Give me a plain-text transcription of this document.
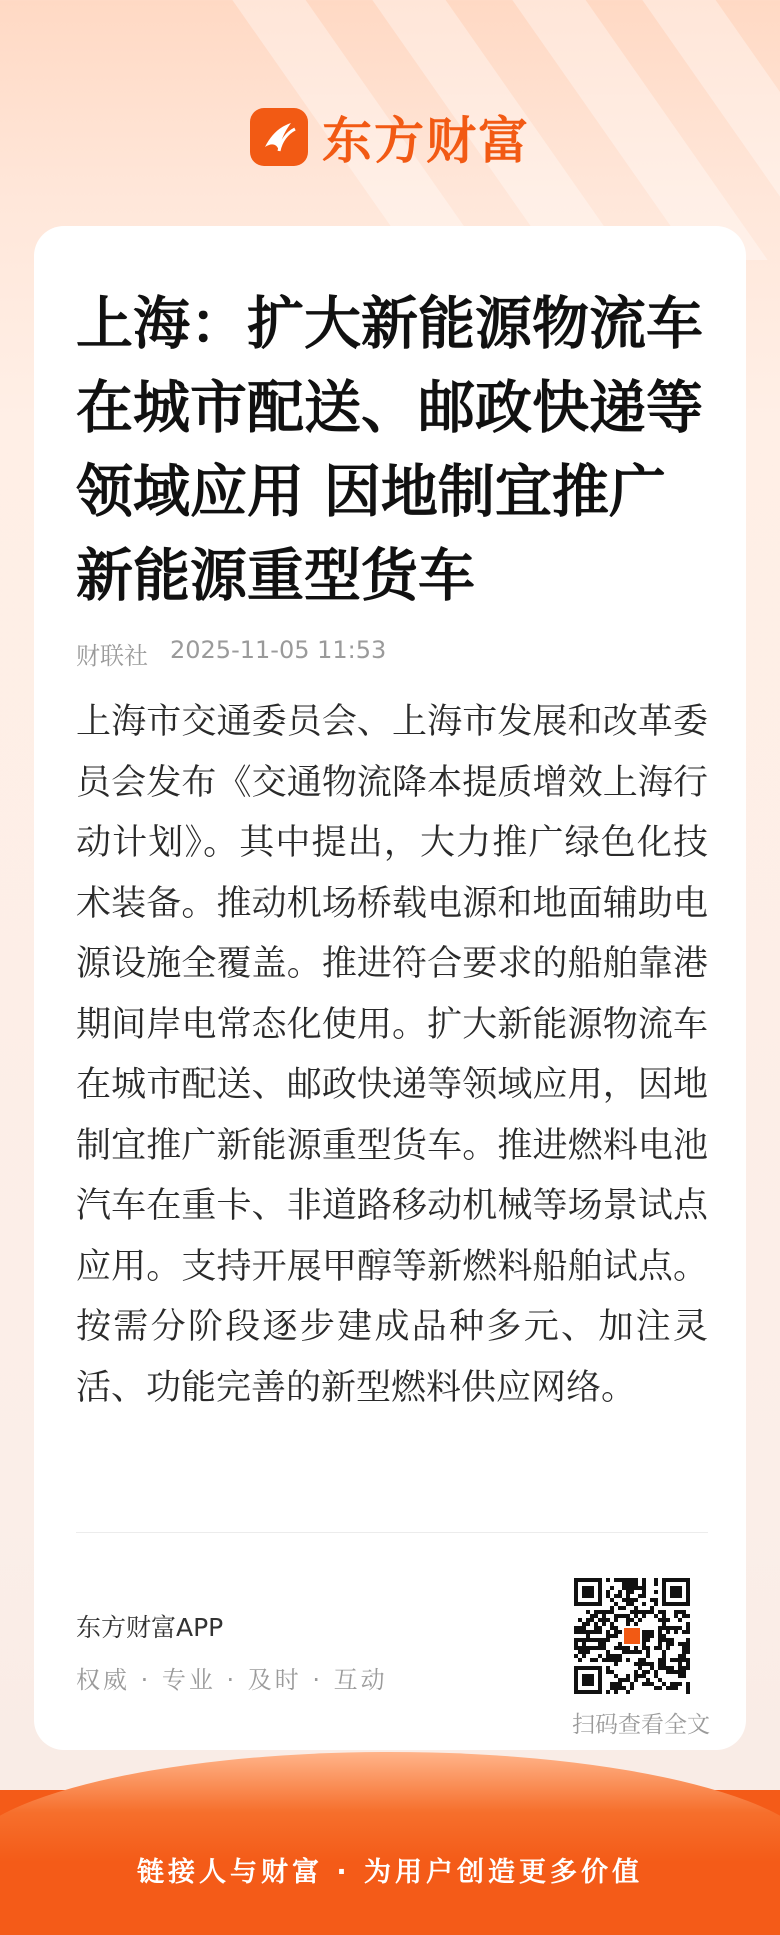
东方财富
上海：扩大新能源物流车在城市配送、邮政快递等领域应用 因地制宜推广新能源重型货车
财联社 2025-11-05 11:53

上海市交通委员会、上海市发展和改革委员会发布《交通物流降本提质增效上海行动计划》。其中提出，大力推广绿色化技术装备。推动机场桥载电源和地面辅助电源设施全覆盖。推进符合要求的船舶靠港期间岸电常态化使用。扩大新能源物流车在城市配送、邮政快递等领域应用，因地制宜推广新能源重型货车。推进燃料电池汽车在重卡、非道路移动机械等场景试点应用。支持开展甲醇等新燃料船舶试点。按需分阶段逐步建成品种多元、加注灵活、功能完善的新型燃料供应网络。

东方财富APP
权威 · 专业 · 及时 · 互动
扫码查看全文
链接人与财富 · 为用户创造更多价值
